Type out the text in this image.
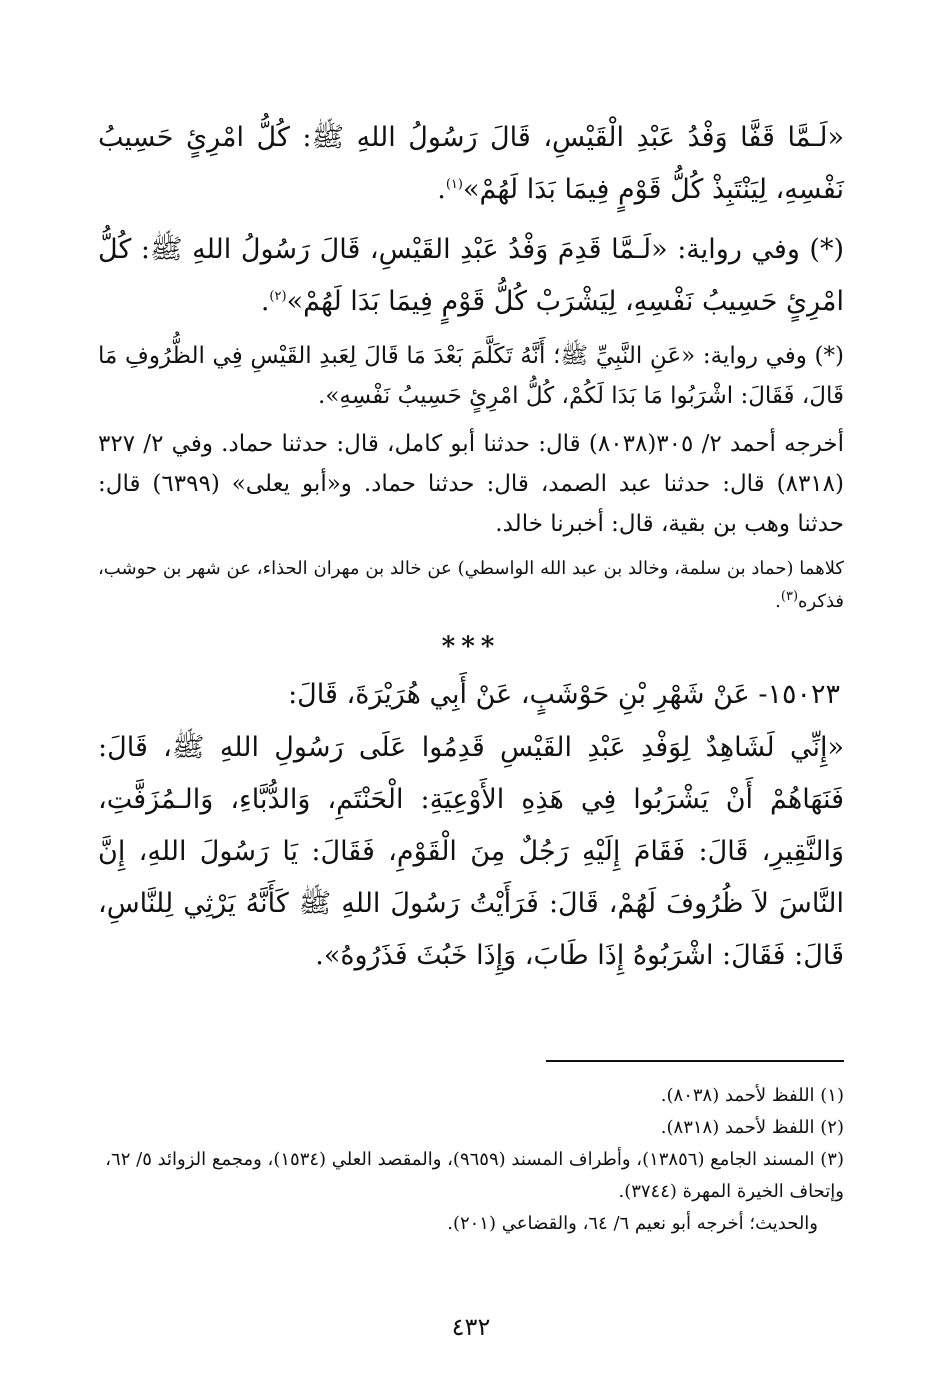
«لَـمَّا قَفَّا وَفْدُ عَبْدِ الْقَيْسِ، قَالَ رَسُولُ اللهِ ﷺ: كُلُّ امْرِئٍ حَسِيبُ نَفْسِهِ، لِيَنْتَبِذْ كُلُّ قَوْمٍ فِيمَا بَدَا لَهُمْ»$^{(١)}$.

(*) وفي رواية: «لَـمَّا قَدِمَ وَفْدُ عَبْدِ القَيْسِ، قَالَ رَسُولُ اللهِ ﷺ: كُلُّ امْرِئٍ حَسِيبُ نَفْسِهِ، لِيَشْرَبْ كُلُّ قَوْمٍ فِيمَا بَدَا لَهُمْ»$^{(٢)}$.

(*) وفي رواية: «عَنِ النَّبِيِّ ﷺ؛ أَنَّهُ تَكَلَّمَ بَعْدَ مَا قَالَ لِعَبدِ القَيْسِ فِي الظُّرُوفِ مَا قَالَ، فَقَالَ: اشْرَبُوا مَا بَدَا لَكُمْ، كُلُّ امْرِئٍ حَسِيبُ نَفْسِهِ».

أخرجه أحمد ٢/ ٣٠٥(٨٠٣٨) قال: حدثنا أبو كامل، قال: حدثنا حماد. وفي ٢/ ٣٢٧ (٨٣١٨) قال: حدثنا عبد الصمد، قال: حدثنا حماد. و«أبو يعلى» (٦٣٩٩) قال: حدثنا وهب بن بقية، قال: أخبرنا خالد.

كلاهما (حماد بن سلمة، وخالد بن عبد الله الواسطي) عن خالد بن مهران الحذاء، عن شهر بن حوشب، فذكره$^{(٣)}$.

***

١٥٠٢٣- عَنْ شَهْرِ بْنِ حَوْشَبٍ، عَنْ أَبِي هُرَيْرَةَ، قَالَ:

«إِنِّي لَشَاهِدٌ لِوَفْدِ عَبْدِ القَيْسِ قَدِمُوا عَلَى رَسُولِ اللهِ ﷺ، قَالَ: فَنَهَاهُمْ أَنْ يَشْرَبُوا فِي هَذِهِ الأَوْعِيَةِ: الْحَنْتَمِ، وَالدُّبَّاءِ، وَالـمُزَفَّتِ، وَالنَّقِيرِ، قَالَ: فَقَامَ إِلَيْهِ رَجُلٌ مِنَ الْقَوْمِ، فَقَالَ: يَا رَسُولَ اللهِ، إِنَّ النَّاسَ لاَ ظُرُوفَ لَهُمْ، قَالَ: فَرَأَيْتُ رَسُولَ اللهِ ﷺ كَأَنَّهُ يَرْثِي لِلنَّاسِ، قَالَ: فَقَالَ: اشْرَبُوهُ إِذَا طَابَ، وَإِذَا خَبُثَ فَذَرُوهُ».

(١) اللفظ لأحمد (٨٠٣٨).

(٢) اللفظ لأحمد (٨٣١٨).

(٣) المسند الجامع (١٣٨٥٦)، وأطراف المسند (٩٦٥٩)، والمقصد العلي (١٥٣٤)، ومجمع الزوائد ٥/ ٦٢، وإتحاف الخيرة المهرة (٣٧٤٤).

والحديث؛ أخرجه أبو نعيم ٦/ ٦٤، والقضاعي (٢٠١).

٤٣٢
